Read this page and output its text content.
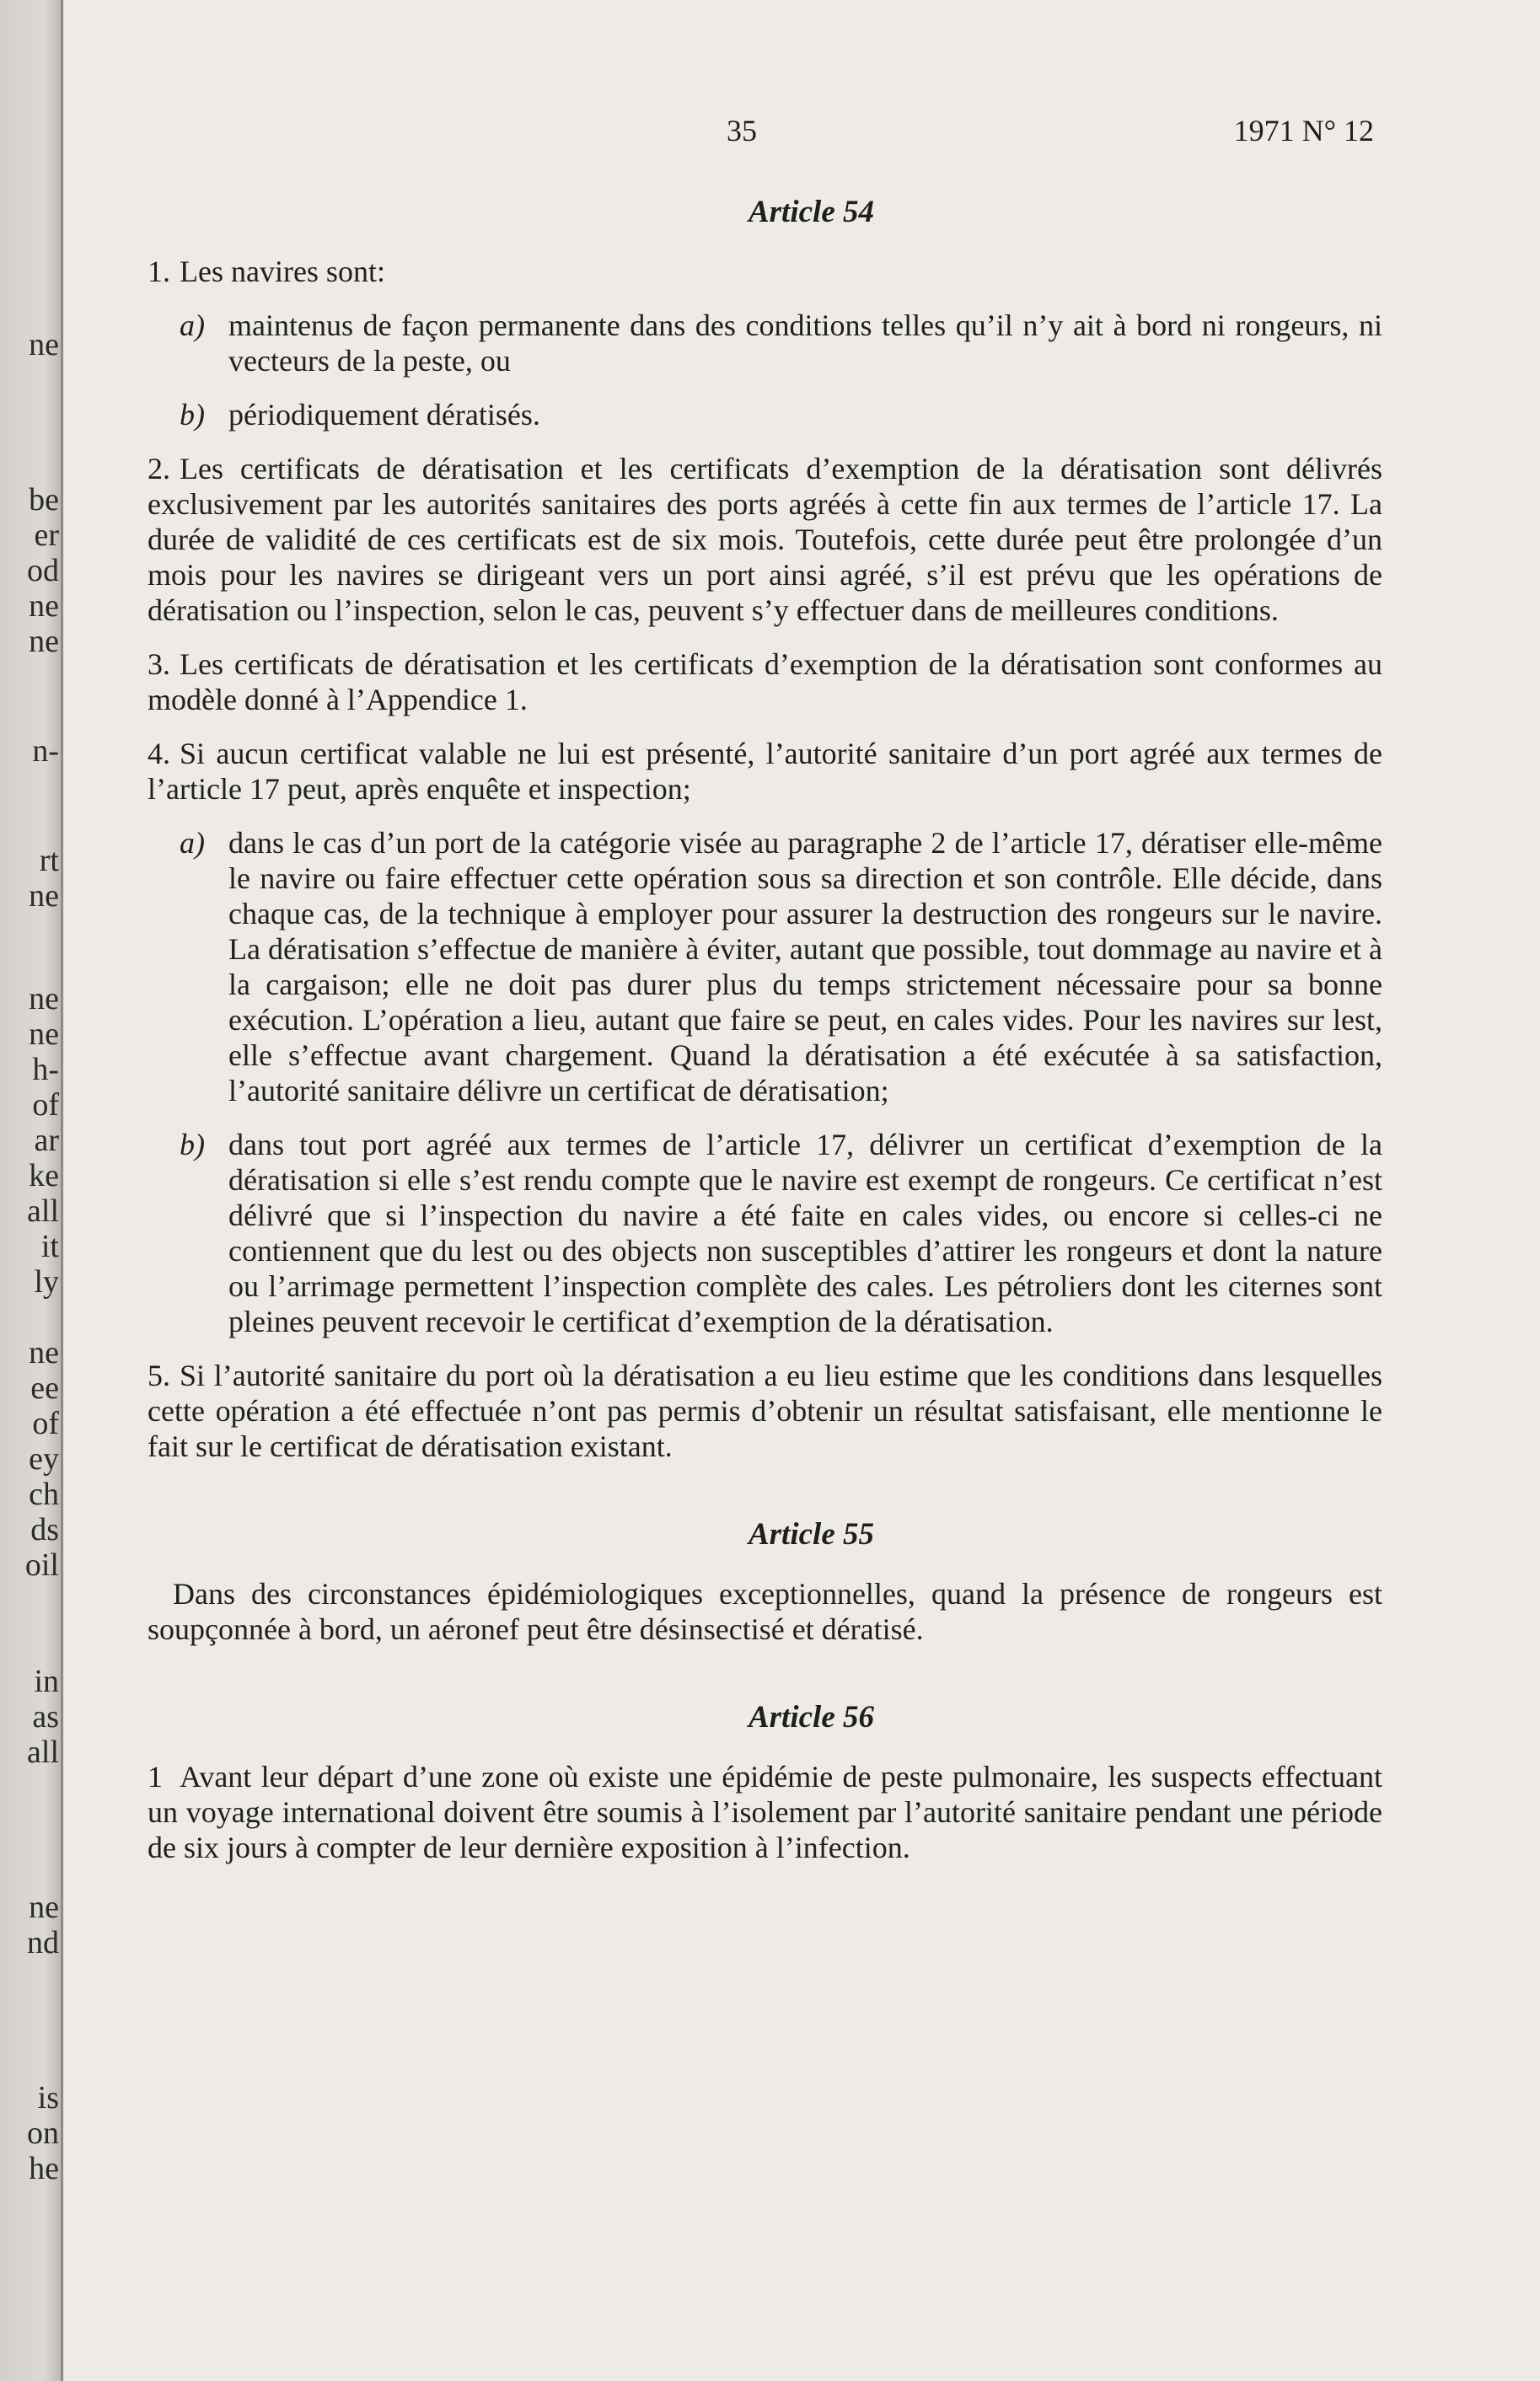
ne
be
er
od
ne
ne
n-
rt
ne
ne
ne
h-
of
ar
ke
all
it
ly
ne
ee
of
ey
ch
ds
oil
in
as
all
ne
nd
is
on
he
35	1971 N° 12
Article 54

1. Les navires sont:

a) maintenus de façon permanente dans des conditions telles qu’il n’y ait à bord ni rongeurs, ni vecteurs de la peste, ou
b) périodiquement dératisés.

2. Les certificats de dératisation et les certificats d’exemption de la dératisation sont délivrés exclusivement par les autorités sanitaires des ports agréés à cette fin aux termes de l’article 17. La durée de validité de ces certificats est de six mois. Toutefois, cette durée peut être prolongée d’un mois pour les navires se dirigeant vers un port ainsi agréé, s’il est prévu que les opérations de dératisation ou l’inspection, selon le cas, peuvent s’y effectuer dans de meilleures conditions.

3. Les certificats de dératisation et les certificats d’exemption de la dératisation sont conformes au modèle donné à l’Appendice 1.

4. Si aucun certificat valable ne lui est présenté, l’autorité sanitaire d’un port agréé aux termes de l’article 17 peut, après enquête et inspection;

a) dans le cas d’un port de la catégorie visée au paragraphe 2 de l’article 17, dératiser elle-même le navire ou faire effectuer cette opération sous sa direction et son contrôle. Elle décide, dans chaque cas, de la technique à employer pour assurer la destruction des rongeurs sur le navire. La dératisation s’effectue de manière à éviter, autant que possible, tout dommage au navire et à la cargaison; elle ne doit pas durer plus du temps strictement nécessaire pour sa bonne exécution. L’opération a lieu, autant que faire se peut, en cales vides. Pour les navires sur lest, elle s’effectue avant chargement. Quand la dératisation a été exécutée à sa satisfaction, l’autorité sanitaire délivre un certificat de dératisation;
b) dans tout port agréé aux termes de l’article 17, délivrer un certificat d’exemption de la dératisation si elle s’est rendu compte que le navire est exempt de rongeurs. Ce certificat n’est délivré que si l’inspection du navire a été faite en cales vides, ou encore si celles-ci ne contiennent que du lest ou des objects non susceptibles d’attirer les rongeurs et dont la nature ou l’arrimage permettent l’inspection complète des cales. Les pétroliers dont les citernes sont pleines peuvent recevoir le certificat d’exemption de la dératisation.

5. Si l’autorité sanitaire du port où la dératisation a eu lieu estime que les conditions dans lesquelles cette opération a été effectuée n’ont pas permis d’obtenir un résultat satisfaisant, elle mentionne le fait sur le certificat de dératisation existant.

Article 55

Dans des circonstances épidémiologiques exceptionnelles, quand la présence de rongeurs est soupçonnée à bord, un aéronef peut être désinsectisé et dératisé.

Article 56

1 Avant leur départ d’une zone où existe une épidémie de peste pulmonaire, les suspects effectuant un voyage international doivent être soumis à l’isolement par l’autorité sanitaire pendant une période de six jours à compter de leur dernière exposition à l’infection.
